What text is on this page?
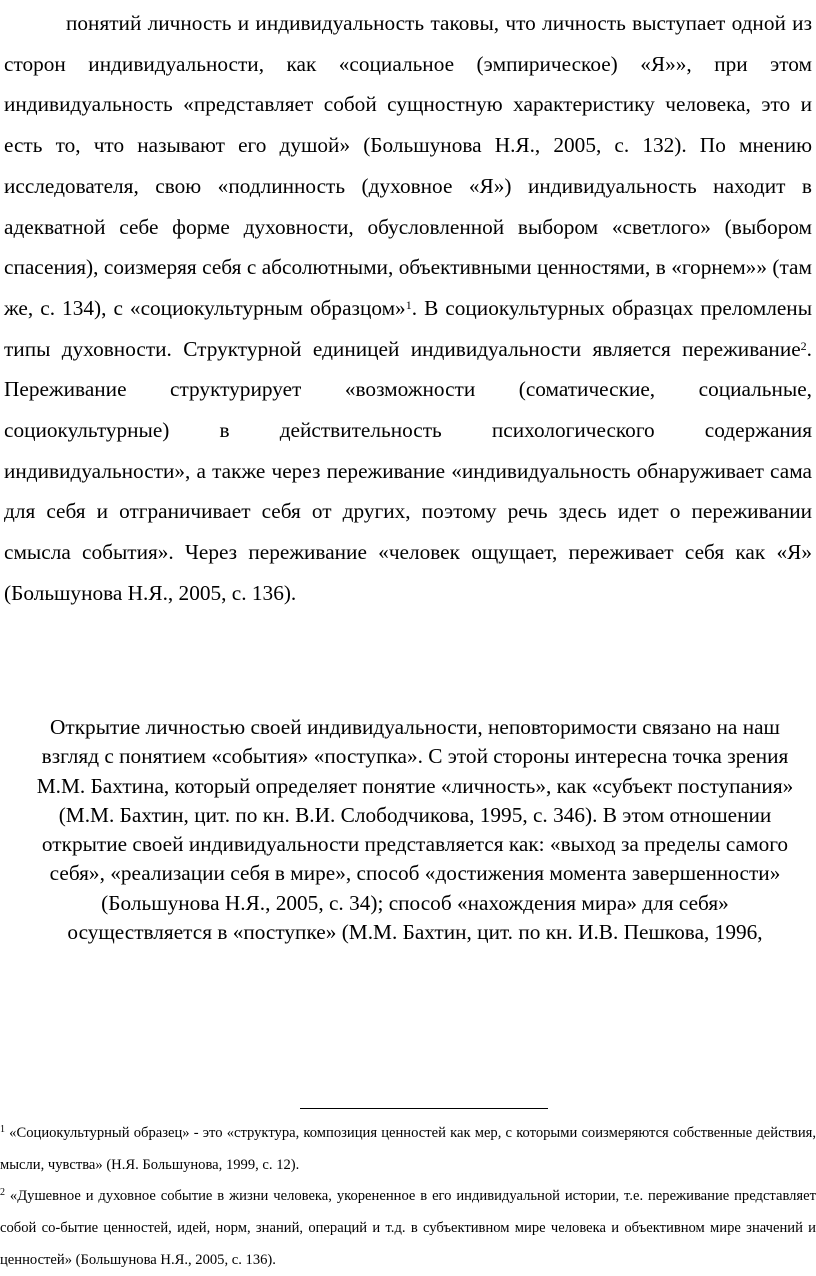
понятий личность и индивидуальность таковы, что личность выступает одной из сторон индивидуальности, как «социальное (эмпирическое) «Я»», при этом индивидуальность «представляет собой сущностную характеристику человека, это и есть то, что называют его душой» (Большунова Н.Я., 2005, с. 132). По мнению исследователя, свою «подлинность (духовное «Я») индивидуальность находит в адекватной себе форме духовности, обусловленной выбором «светлого» (выбором спасения), соизмеряя себя с абсолютными, объективными ценностями, в «горнем»» (там же, с. 134), с «социокультурным образцом»$^1$. В социокультурных образцах преломлены типы духовности. Структурной единицей индивидуальности является переживание$^2$. Переживание структурирует «возможности (соматические, социальные, социокультурные) в действительность психологического содержания индивидуальности», а также через переживание «индивидуальность обнаруживает сама для себя и отграничивает себя от других, поэтому речь здесь идет о переживании смысла события». Через переживание «человек ощущает, переживает себя как «Я» (Большунова Н.Я., 2005, с. 136).

Открытие личностью своей индивидуальности, неповторимости связано на наш взгляд с понятием «события» «поступка». С этой стороны интересна точка зрения М.М. Бахтина, который определяет понятие «личность», как «субъект поступания» (М.М. Бахтин, цит. по кн. В.И. Слободчикова, 1995, с. 346). В этом отношении открытие своей индивидуальности представляется как: «выход за пределы самого себя», «реализации себя в мире», способ «достижения момента завершенности» (Большунова Н.Я., 2005, с. 34); способ «нахождения мира» для себя» осуществляется в «поступке» (М.М. Бахтин, цит. по кн. И.В. Пешкова, 1996,

$^1$ «Социокультурный образец» - это «структура, композиция ценностей как мер, с которыми соизмеряются собственные действия, мысли, чувства» (Н.Я. Большунова, 1999, с. 12).

$^2$ «Душевное и духовное событие в жизни человека, укорененное в его индивидуальной истории, т.е. переживание представляет собой со-бытие ценностей, идей, норм, знаний, операций и т.д. в субъективном мире человека и объективном мире значений и ценностей» (Большунова Н.Я., 2005, с. 136).
